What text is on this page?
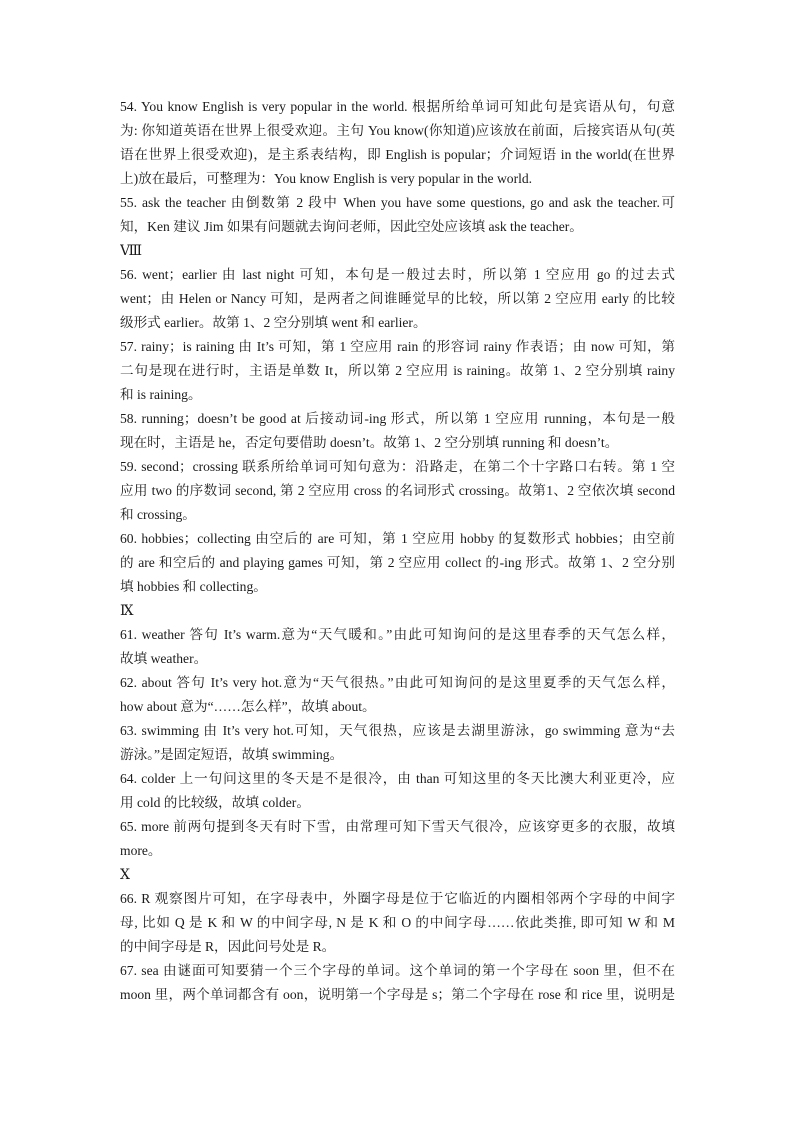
54. You know English is very popular in the world. 根据所给单词可知此句是宾语从句，句意
为: 你知道英语在世界上很受欢迎。主句 You know(你知道)应该放在前面，后接宾语从句(英
语在世界上很受欢迎)，是主系表结构，即 English is popular；介词短语 in the world(在世界
上)放在最后，可整理为：You know English is very popular in the world.
55. ask the teacher 由倒数第 2 段中 When you have some questions, go and ask the teacher.可
知，Ken 建议 Jim 如果有问题就去询问老师，因此空处应该填 ask the teacher。
Ⅷ
56. went；earlier 由 last night 可知，本句是一般过去时，所以第 1 空应用 go 的过去式
went；由 Helen or Nancy 可知，是两者之间谁睡觉早的比较，所以第 2 空应用 early 的比较
级形式 earlier。故第 1、2 空分别填 went 和 earlier。
57. rainy；is raining 由 It’s 可知，第 1 空应用 rain 的形容词 rainy 作表语；由 now 可知，第
二句是现在进行时，主语是单数 It，所以第 2 空应用 is raining。故第 1、2 空分别填 rainy
和 is raining。
58. running；doesn’t be good at 后接动词-ing 形式，所以第 1 空应用 running，本句是一般
现在时，主语是 he，否定句要借助 doesn’t。故第 1、2 空分别填 running 和 doesn’t。
59. second；crossing 联系所给单词可知句意为：沿路走，在第二个十字路口右转。第 1 空
应用 two 的序数词 second, 第 2 空应用 cross 的名词形式 crossing。故第1、2 空依次填 second
和 crossing。
60. hobbies；collecting 由空后的 are 可知，第 1 空应用 hobby 的复数形式 hobbies；由空前
的 are 和空后的 and playing games 可知，第 2 空应用 collect 的-ing 形式。故第 1、2 空分别
填 hobbies 和 collecting。
Ⅸ
61. weather 答句 It’s warm.意为“天气暖和。”由此可知询问的是这里春季的天气怎么样，
故填 weather。
62. about 答句 It’s very hot.意为“天气很热。”由此可知询问的是这里夏季的天气怎么样，
how about 意为“……怎么样”，故填 about。
63. swimming 由 It’s very hot.可知，天气很热，应该是去湖里游泳，go swimming 意为“去
游泳。”是固定短语，故填 swimming。
64. colder 上一句问这里的冬天是不是很冷，由 than 可知这里的冬天比澳大利亚更冷，应
用 cold 的比较级，故填 colder。
65. more 前两句提到冬天有时下雪，由常理可知下雪天气很冷，应该穿更多的衣服，故填
more。
Ⅹ
66. R 观察图片可知，在字母表中，外圈字母是位于它临近的内圈相邻两个字母的中间字
母, 比如 Q 是 K 和 W 的中间字母, N 是 K 和 O 的中间字母……依此类推, 即可知 W 和 M
的中间字母是 R，因此问号处是 R。
67. sea 由谜面可知要猜一个三个字母的单词。这个单词的第一个字母在 soon 里，但不在
moon 里，两个单词都含有 oon，说明第一个字母是 s；第二个字母在 rose 和 rice 里，说明是
